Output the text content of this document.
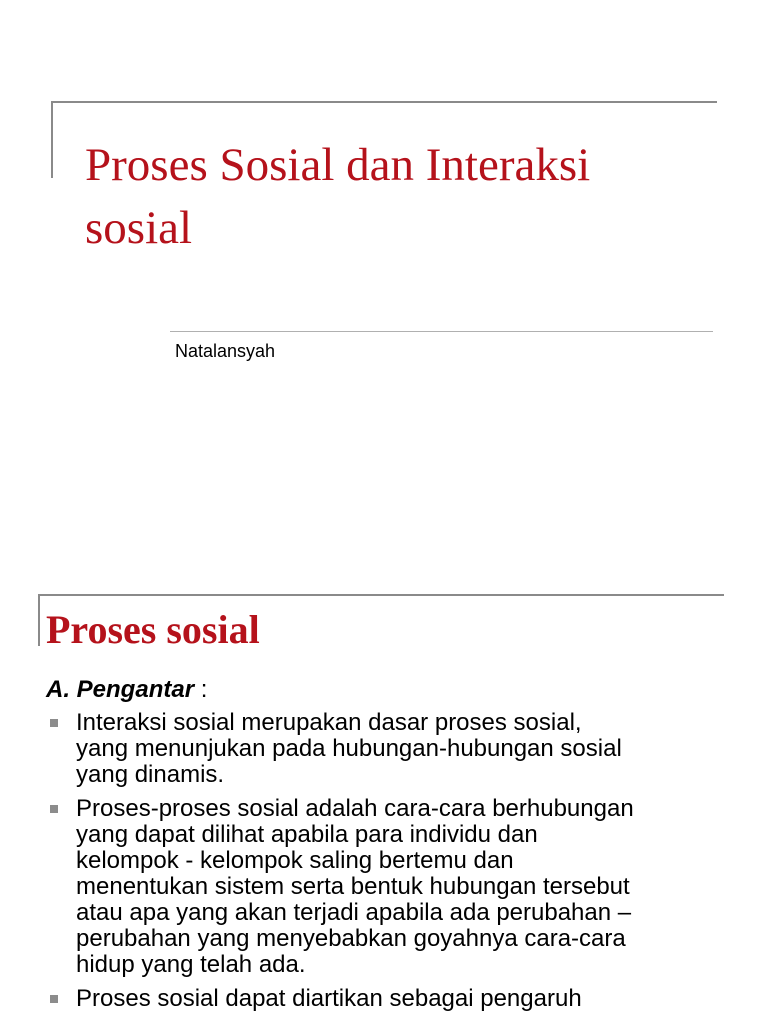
Proses Sosial dan Interaksi
sosial

Natalansyah

Proses sosial

A. Pengantar :

Interaksi sosial merupakan dasar proses sosial,
yang menunjukan pada hubungan-hubungan sosial
yang dinamis.
Proses-proses sosial adalah cara-cara berhubungan
yang dapat dilihat apabila para individu dan
kelompok - kelompok saling bertemu dan
menentukan sistem serta bentuk hubungan tersebut
atau apa yang akan terjadi apabila ada perubahan –
perubahan yang menyebabkan goyahnya cara-cara
hidup yang telah ada.
Proses sosial dapat diartikan sebagai pengaruh
